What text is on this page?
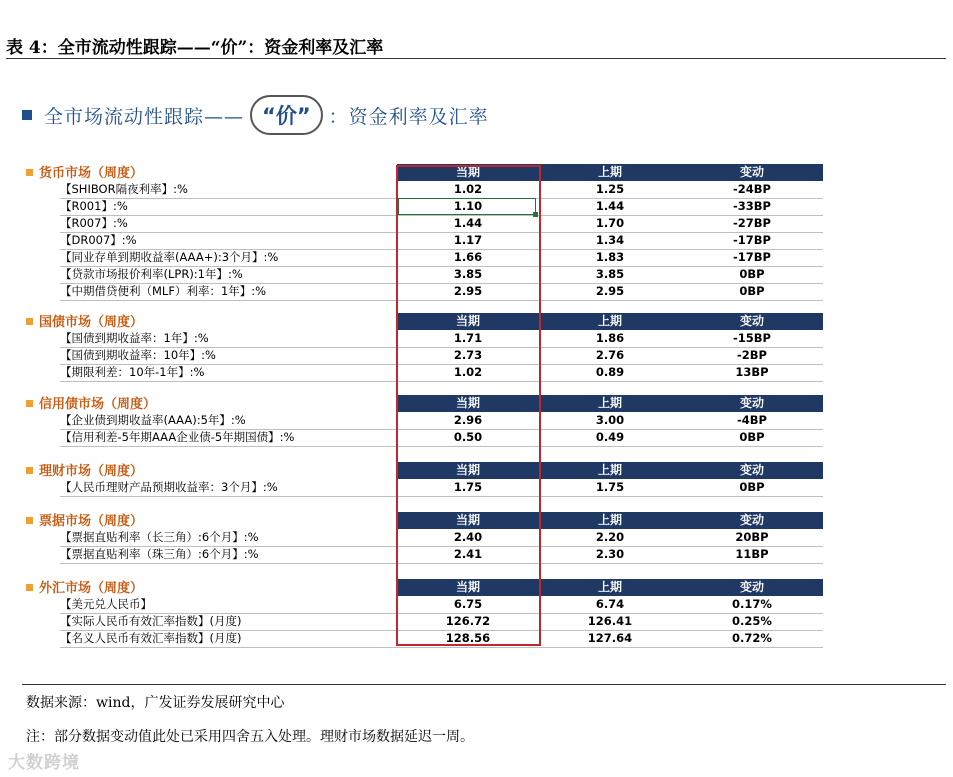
表 4：全市流动性跟踪——“价”：资金利率及汇率
全市场流动性跟踪—— “价” ：资金利率及汇率
货币市场（周度）	当期	上期	变动
【SHIBOR隔夜利率】:%	1.02	1.25	-24BP
【R001】:%	1.10	1.44	-33BP
【R007】:%	1.44	1.70	-27BP
【DR007】:%	1.17	1.34	-17BP
【同业存单到期收益率(AAA+):3个月】:%	1.66	1.83	-17BP
【贷款市场报价利率(LPR):1年】:%	3.85	3.85	0BP
【中期借贷便利（MLF）利率：1年】:%	2.95	2.95	0BP
国债市场（周度）	当期	上期	变动
【国债到期收益率：1年】:%	1.71	1.86	-15BP
【国债到期收益率：10年】:%	2.73	2.76	-2BP
【期限利差：10年-1年】:%	1.02	0.89	13BP
信用债市场（周度）	当期	上期	变动
【企业债到期收益率(AAA):5年】:%	2.96	3.00	-4BP
【信用利差-5年期AAA企业债-5年期国债】:%	0.50	0.49	0BP
理财市场（周度）	当期	上期	变动
【人民币理财产品预期收益率：3个月】:%	1.75	1.75	0BP
票据市场（周度）	当期	上期	变动
【票据直贴利率（长三角）:6个月】:%	2.40	2.20	20BP
【票据直贴利率（珠三角）:6个月】:%	2.41	2.30	11BP
外汇市场（周度）	当期	上期	变动
【美元兑人民币】	6.75	6.74	0.17%
【实际人民币有效汇率指数】(月度)	126.72	126.41	0.25%
【名义人民币有效汇率指数】(月度)	128.56	127.64	0.72%
数据来源：wind，广发证券发展研究中心
注：部分数据变动值此处已采用四舍五入处理。理财市场数据延迟一周。
大数跨境
